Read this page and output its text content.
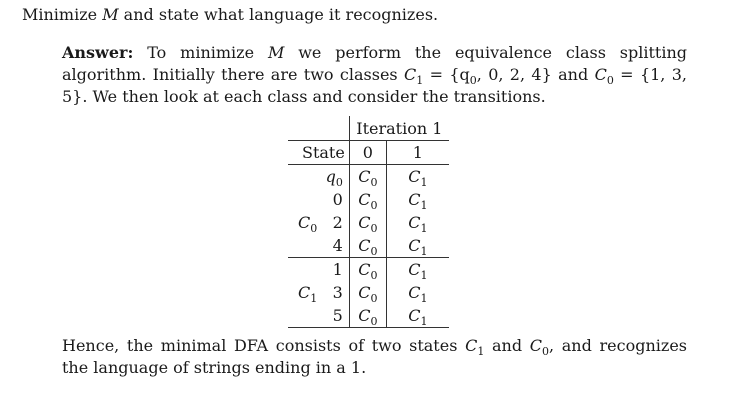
Minimize M and state what language it recognizes.
Answer: To minimize M we perform the equivalence class splitting algorithm. Initially there are two classes $C_1 = \{q_0$, 0, 2, 4} and $C_0 = \{1$, 3, 5}. We then look at each class and consider the transitions.
		Iteration 1	
State		0	1
	$q_0$	$C_0$	$C_1$
	0	$C_0$	$C_1$
$C_0$	2	$C_0$	$C_1$
	4	$C_0$	$C_1$
	1	$C_0$	$C_1$
$C_1$	3	$C_0$	$C_1$
	5	$C_0$	$C_1$
Hence, the minimal DFA consists of two states $C_1$ and $C_0$, and recognizes the language of strings ending in a 1.
